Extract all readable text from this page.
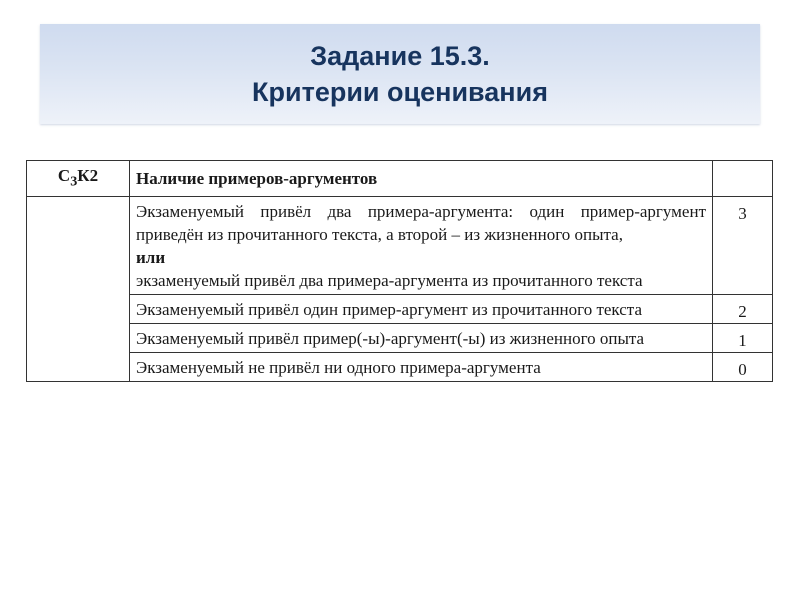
Задание 15.3.
Критерии оценивания
$С_3К2$	Наличие примеров-аргументов	

	Экзаменуемый привёл два примера-аргумента: один пример-аргумент приведён из прочитанного текста, а второй – из жизненного опыта,
или
экзаменуемый привёл два примера-аргумента из прочитанного текста	3
	Экзаменуемый привёл один пример-аргумент из прочитанного текста	2
	Экзаменуемый привёл пример(-ы)-аргумент(-ы) из жизненного опыта	1
	Экзаменуемый не привёл ни одного примера-аргумента	0
